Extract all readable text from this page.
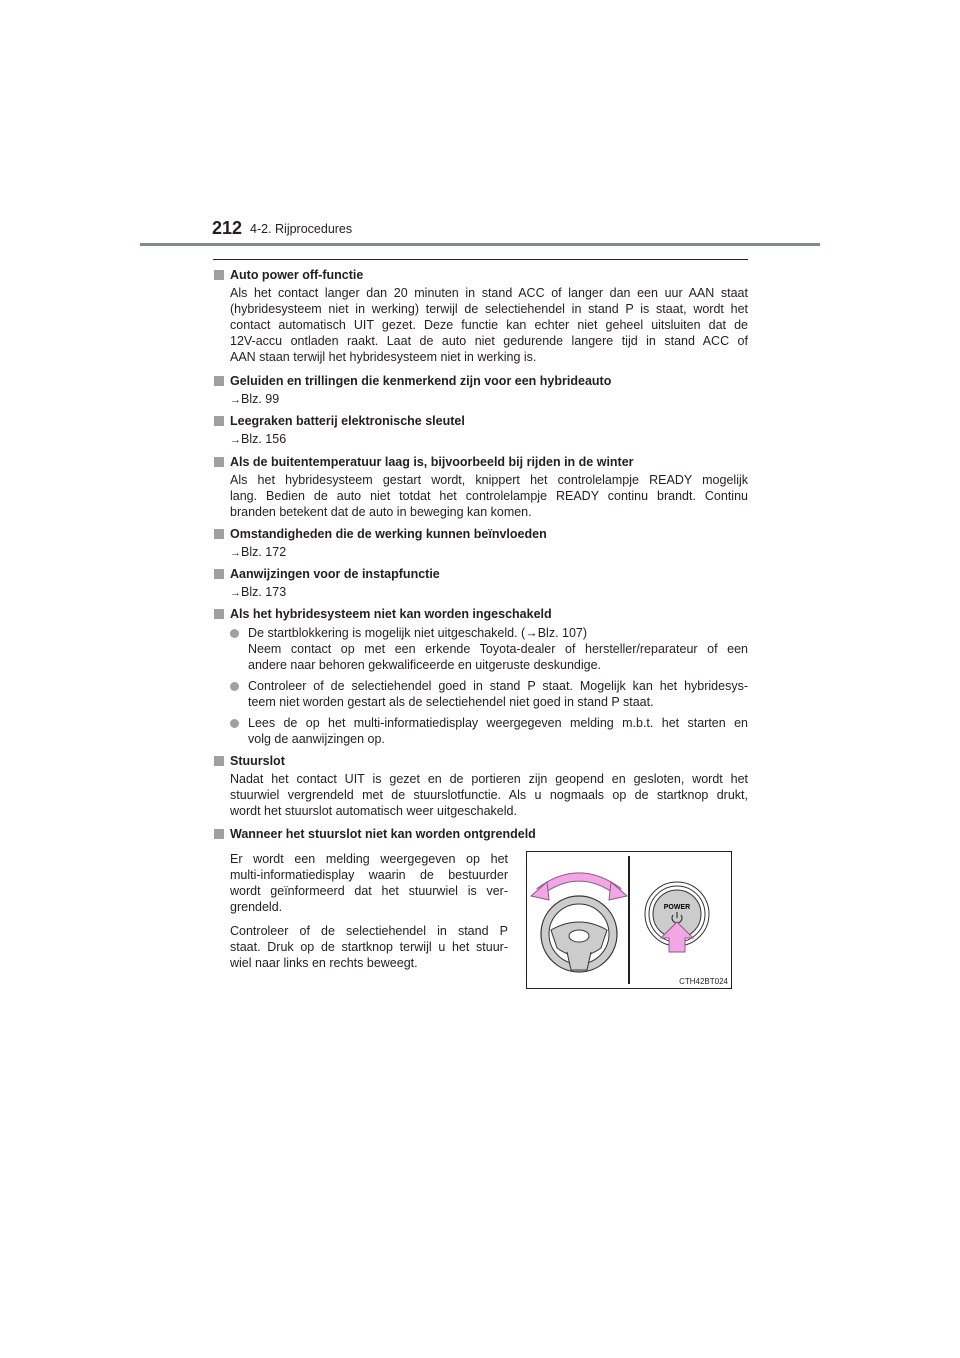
212 4-2. Rijprocedures
Auto power off-functie
Als het contact langer dan 20 minuten in stand ACC of langer dan een uur AAN staat
(hybridesysteem niet in werking) terwijl de selectiehendel in stand P is staat, wordt het
contact automatisch UIT gezet. Deze functie kan echter niet geheel uitsluiten dat de
12V-accu ontladen raakt. Laat de auto niet gedurende langere tijd in stand ACC of
AAN staan terwijl het hybridesysteem niet in werking is.
Geluiden en trillingen die kenmerkend zijn voor een hybrideauto
→Blz. 99
Leegraken batterij elektronische sleutel
→Blz. 156
Als de buitentemperatuur laag is, bijvoorbeeld bij rijden in de winter
Als het hybridesysteem gestart wordt, knippert het controlelampje READY mogelijk
lang. Bedien de auto niet totdat het controlelampje READY continu brandt. Continu
branden betekent dat de auto in beweging kan komen.
Omstandigheden die de werking kunnen beïnvloeden
→Blz. 172
Aanwijzingen voor de instapfunctie
→Blz. 173
Als het hybridesysteem niet kan worden ingeschakeld
De startblokkering is mogelijk niet uitgeschakeld. (→Blz. 107)
Neem contact op met een erkende Toyota-dealer of hersteller/reparateur of een
andere naar behoren gekwalificeerde en uitgeruste deskundige.
Controleer of de selectiehendel goed in stand P staat. Mogelijk kan het hybridesys-
teem niet worden gestart als de selectiehendel niet goed in stand P staat.
Lees de op het multi-informatiedisplay weergegeven melding m.b.t. het starten en
volg de aanwijzingen op.
Stuurslot
Nadat het contact UIT is gezet en de portieren zijn geopend en gesloten, wordt het
stuurwiel vergrendeld met de stuurslotfunctie. Als u nogmaals op de startknop drukt,
wordt het stuurslot automatisch weer uitgeschakeld.
Wanneer het stuurslot niet kan worden ontgrendeld
Er wordt een melding weergegeven op het
multi-informatiedisplay waarin de bestuurder
wordt geïnformeerd dat het stuurwiel is ver-
grendeld.
Controleer of de selectiehendel in stand P
staat. Druk op de startknop terwijl u het stuur-
wiel naar links en rechts beweegt.
POWER
CTH42BT024
